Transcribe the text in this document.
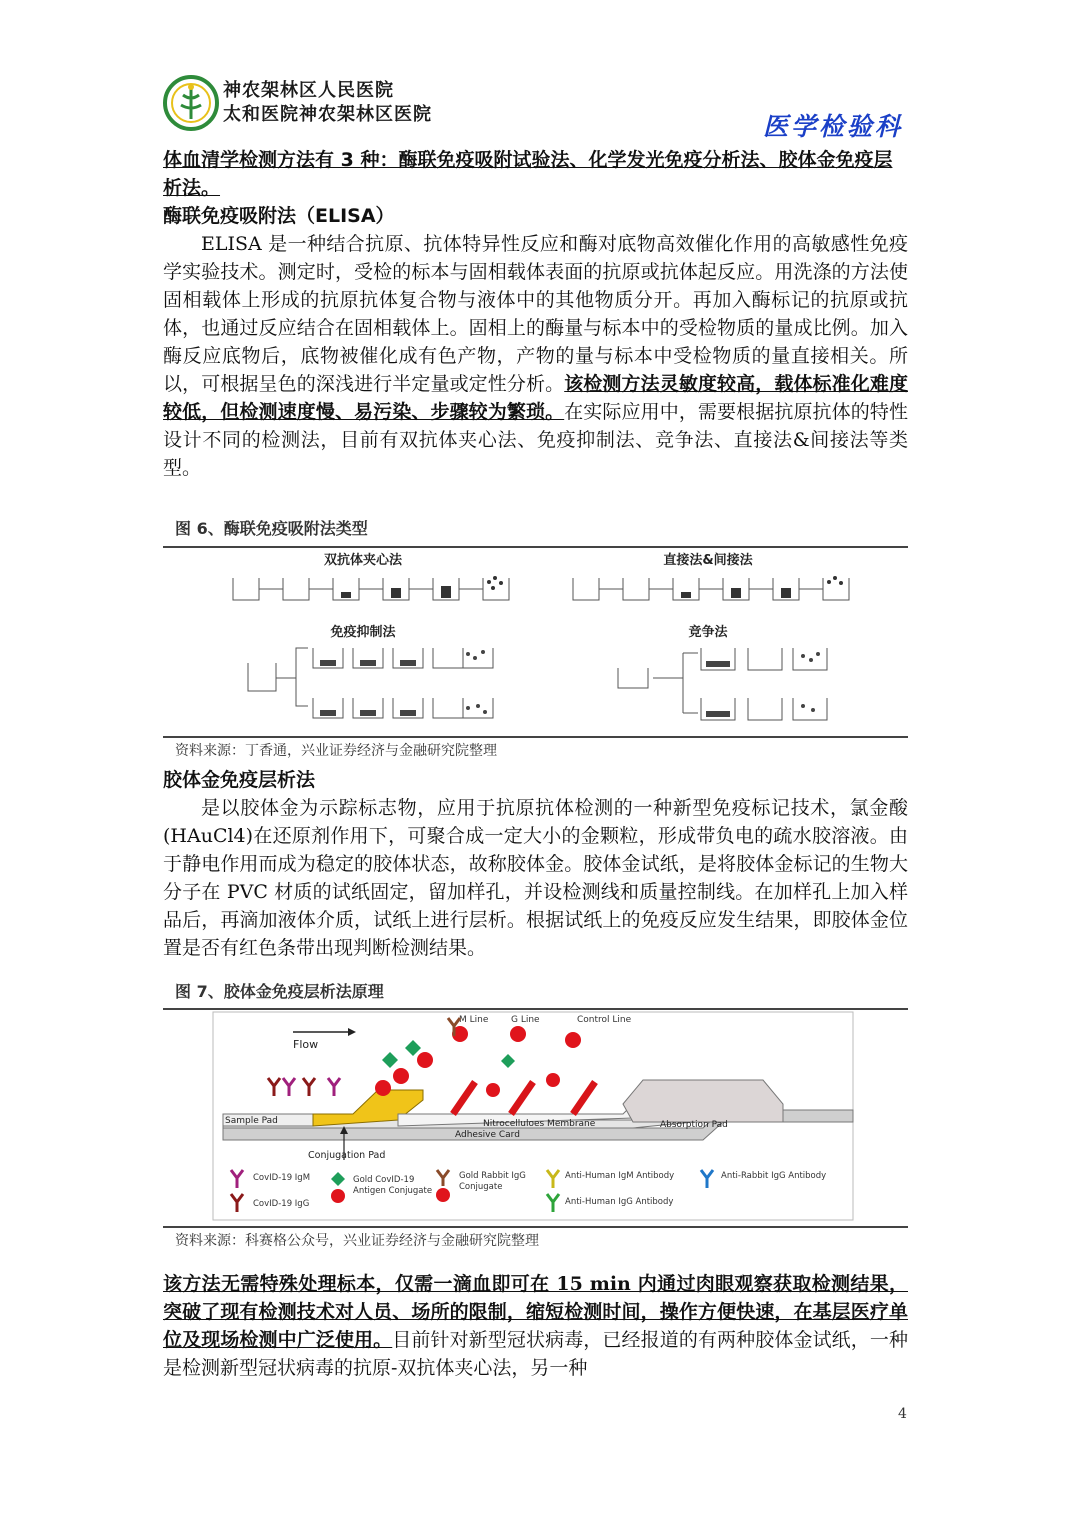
神农架林区人民医院
太和医院神农架林区医院	医学检验科

体血清学检测方法有 3 种：酶联免疫吸附试验法、化学发光免疫分析法、胶体金免疫层析法。

酶联免疫吸附法（ELISA）

ELISA 是一种结合抗原、抗体特异性反应和酶对底物高效催化作用的高敏感性免疫学实验技术。测定时，受检的标本与固相载体表面的抗原或抗体起反应。用洗涤的方法使固相载体上形成的抗原抗体复合物与液体中的其他物质分开。再加入酶标记的抗原或抗体，也通过反应结合在固相载体上。固相上的酶量与标本中的受检物质的量成比例。加入酶反应底物后，底物被催化成有色产物，产物的量与标本中受检物质的量直接相关。所以，可根据呈色的深浅进行半定量或定性分析。该检测方法灵敏度较高，载体标准化难度较低，但检测速度慢、易污染、步骤较为繁琐。在实际应用中，需要根据抗原抗体的特性设计不同的检测法，目前有双抗体夹心法、免疫抑制法、竞争法、直接法&间接法等类型。

图 6、酶联免疫吸附法类型
双抗体夹心法	直接法&间接法
免疫抑制法	竞争法
资料来源：丁香通，兴业证券经济与金融研究院整理

胶体金免疫层析法

是以胶体金为示踪标志物，应用于抗原抗体检测的一种新型免疫标记技术，氯金酸(HAuCl4)在还原剂作用下，可聚合成一定大小的金颗粒，形成带负电的疏水胶溶液。由于静电作用而成为稳定的胶体状态，故称胶体金。胶体金试纸，是将胶体金标记的生物大分子在 PVC 材质的试纸固定，留加样孔，并设检测线和质量控制线。在加样孔上加入样品后，再滴加液体介质，试纸上进行层析。根据试纸上的免疫反应发生结果，即胶体金位置是否有红色条带出现判断检测结果。

图 7、胶体金免疫层析法原理
Flow
M Line	G Line	Control Line
Sample Pad	Nitrocelluloes Membrane
Adhesive Card
Absorption Pad
Conjugation Pad
CovID-19 IgM
CovID-19 IgG
Gold CovID-19
Antigen Conjugate
Gold Rabbit IgG
Conjugate
Anti-Human IgM Antibody
Anti-Human IgG Antibody
Anti-Rabbit IgG Antibody
资料来源：科赛格公众号，兴业证券经济与金融研究院整理

该方法无需特殊处理标本，仅需一滴血即可在 15 min 内通过肉眼观察获取检测结果，突破了现有检测技术对人员、场所的限制，缩短检测时间，操作方便快速，在基层医疗单位及现场检测中广泛使用。目前针对新型冠状病毒，已经报道的有两种胶体金试纸，一种是检测新型冠状病毒的抗原-双抗体夹心法，另一种

4
